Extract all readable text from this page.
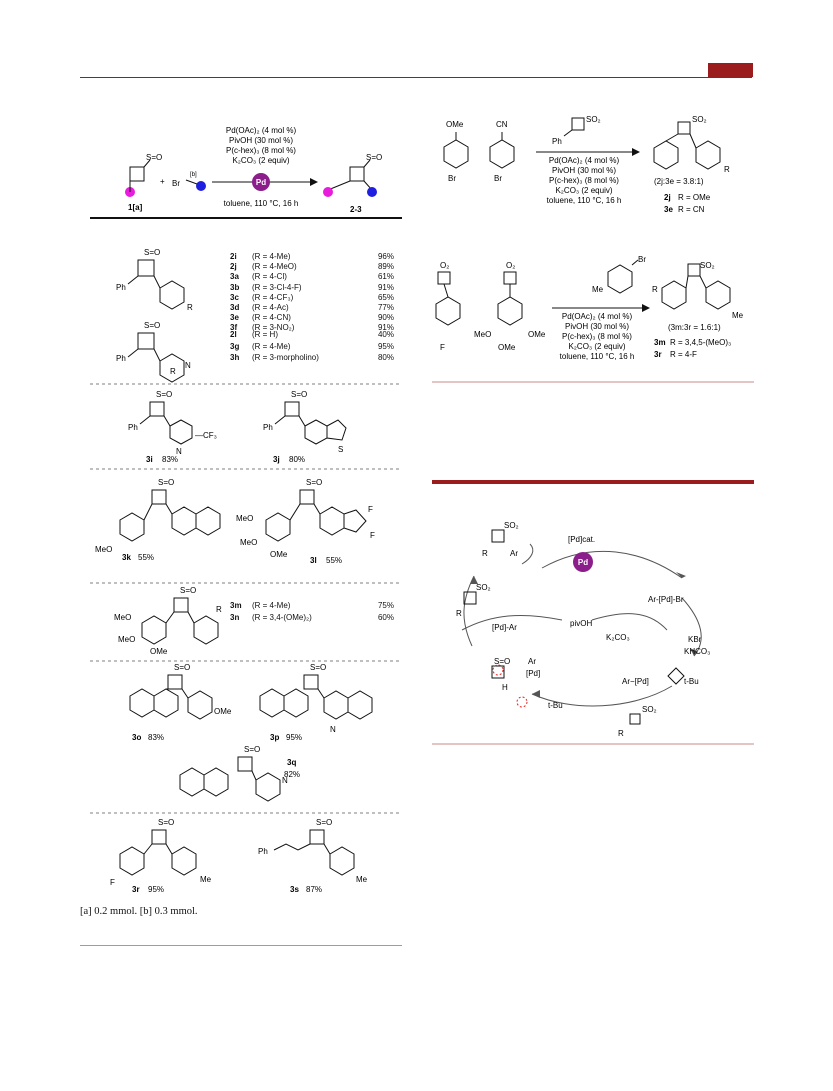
Pd
S=O	S=O
Br
[b]
+
1[a]	2-3
Pd(OAc)₂ (4 mol %)
PivOH (30 mol %)
P(c-hex)₃ (8 mol %)
K₂CO₃ (2 equiv)
toluene, 110 °C, 16 h
S=O
Ph
R
S=O
Ph
N
R
S=O
Ph
—CF₃
N
S=O
Ph
S
3i 83%	3j 80%
S=O
MeO
S=O
MeO
MeO
OMe
F
F
3k 55%	3l 55%
S=O
MeO
MeO
OMe
R
S=O
OMe
S=O
N
3o 83%	3p 95%
S=O
N
3q
82%
S=O
F	Me
S=O
Ph
Me
3r 95%	3s 87%
2i	(R = 4-Me)	96%
2j	(R = 4-MeO)	89%
3a	(R = 4-Cl)	61%
3b	(R = 3-Cl-4-F)	91%
3c	(R = 4-CF₃)	65%
3d	(R = 4-Ac)	77%
3e	(R = 4-CN)	90%
3f	(R = 3-NO₂)	91%
2l	(R = H)	40%
3g	(R = 4-Me)	95%
3h	(R = 3-morpholino)	80%
3m	(R = 4-Me)	75%
3n	(R = 3,4-(OMe)₂)	60%
[a] 0.2 mmol. [b] 0.3 mmol.
OMe	CN
Br	Br
SO₂
Ph
SO₂
R
Pd(OAc)₂ (4 mol %)
PivOH (30 mol %)
P(c-hex)₃ (8 mol %)
K₂CO₃ (2 equiv)
toluene, 110 °C, 16 h
(2j:3e = 3.8:1)
2j R = OMe
3e R = CN
O₂	O₂
F
MeO	OMe
OMe
Br
Me
SO₂
R
Me
Pd(OAc)₂ (4 mol %)
PivOH (30 mol %)
P(c-hex)₃ (8 mol %)
K₂CO₃ (2 equiv)
toluene, 110 °C, 16 h
(3m:3r = 1.6:1)
3m R = 3,4,5-(MeO)₃
3r R = 4-F
Pd
[Pd]cat.
Ar-[Pd]-Br
pivOH
K₂CO₃	KBr
KHCO₃
Ar−[Pd]	t-Bu
t-Bu
[Pd]-Ar
SO₂
SO₂
SO₂
R	Ar
R
S=O Ar
[Pd]
H
R
